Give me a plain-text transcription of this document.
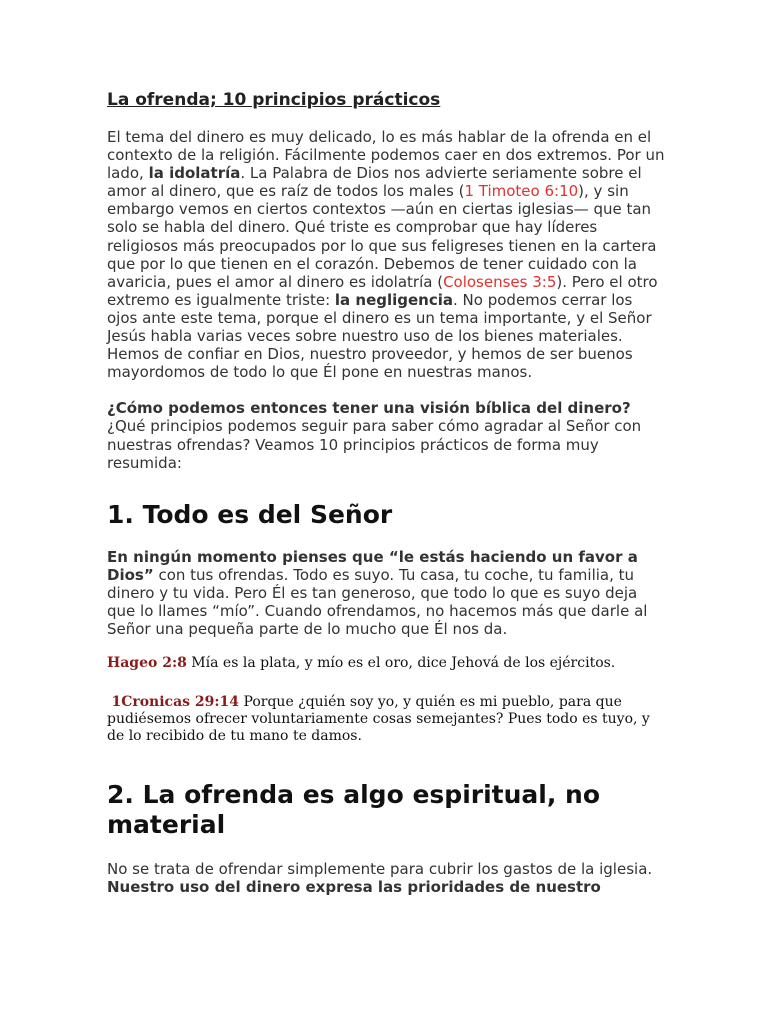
La ofrenda; 10 principios prácticos

El tema del dinero es muy delicado, lo es más hablar de la ofrenda en el contexto de la religión. Fácilmente podemos caer en dos extremos. Por un lado, la idolatría. La Palabra de Dios nos advierte seriamente sobre el amor al dinero, que es raíz de todos los males (1 Timoteo 6:10), y sin embargo vemos en ciertos contextos —aún en ciertas iglesias— que tan solo se habla del dinero. Qué triste es comprobar que hay líderes religiosos más preocupados por lo que sus feligreses tienen en la cartera que por lo que tienen en el corazón. Debemos de tener cuidado con la avaricia, pues el amor al dinero es idolatría (Colosenses 3:5). Pero el otro extremo es igualmente triste: la negligencia. No podemos cerrar los ojos ante este tema, porque el dinero es un tema importante, y el Señor Jesús habla varias veces sobre nuestro uso de los bienes materiales. Hemos de confiar en Dios, nuestro proveedor, y hemos de ser buenos mayordomos de todo lo que Él pone en nuestras manos.

¿Cómo podemos entonces tener una visión bíblica del dinero? ¿Qué principios podemos seguir para saber cómo agradar al Señor con nuestras ofrendas? Veamos 10 principios prácticos de forma muy resumida:

1. Todo es del Señor

En ningún momento pienses que “le estás haciendo un favor a Dios” con tus ofrendas. Todo es suyo. Tu casa, tu coche, tu familia, tu dinero y tu vida. Pero Él es tan generoso, que todo lo que es suyo deja que lo llames “mío”. Cuando ofrendamos, no hacemos más que darle al Señor una pequeña parte de lo mucho que Él nos da.

Hageo 2:8 Mía es la plata, y mío es el oro, dice Jehová de los ejércitos.

1Cronicas 29:14 Porque ¿quién soy yo, y quién es mi pueblo, para que pudiésemos ofrecer voluntariamente cosas semejantes? Pues todo es tuyo, y de lo recibido de tu mano te damos.

2. La ofrenda es algo espiritual, no material

No se trata de ofrendar simplemente para cubrir los gastos de la iglesia. Nuestro uso del dinero expresa las prioridades de nuestro
